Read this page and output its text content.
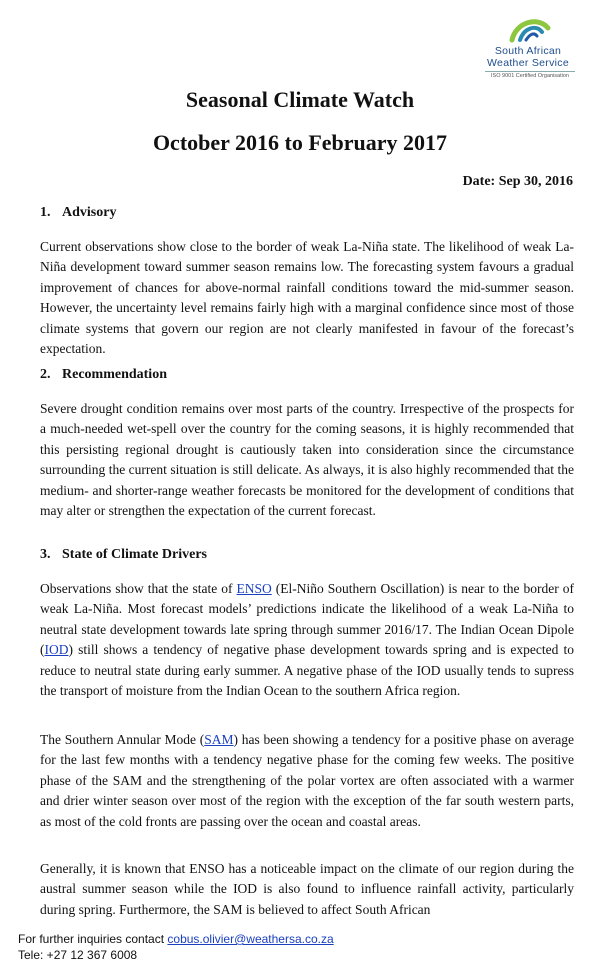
South African
Weather Service
ISO 9001 Certified Organisation
Seasonal Climate Watch
October 2016 to February 2017
Date: Sep 30, 2016
1. Advisory

Current observations show close to the border of weak La-Niña state. The likelihood of weak La-Niña development toward summer season remains low. The forecasting system favours a gradual improvement of chances for above-normal rainfall conditions toward the mid-summer season. However, the uncertainty level remains fairly high with a marginal confidence since most of those climate systems that govern our region are not clearly manifested in favour of the forecast’s expectation.

2. Recommendation

Severe drought condition remains over most parts of the country. Irrespective of the prospects for a much-needed wet-spell over the country for the coming seasons, it is highly recommended that this persisting regional drought is cautiously taken into consideration since the circumstance surrounding the current situation is still delicate. As always, it is also highly recommended that the medium- and shorter-range weather forecasts be monitored for the development of conditions that may alter or strengthen the expectation of the current forecast.

3. State of Climate Drivers

Observations show that the state of ENSO (El-Niño Southern Oscillation) is near to the border of weak La-Niña. Most forecast models’ predictions indicate the likelihood of a weak La-Niña to neutral state development towards late spring through summer 2016/17. The Indian Ocean Dipole (IOD) still shows a tendency of negative phase development towards spring and is expected to reduce to neutral state during early summer. A negative phase of the IOD usually tends to supress the transport of moisture from the Indian Ocean to the southern Africa region.

The Southern Annular Mode (SAM) has been showing a tendency for a positive phase on average for the last few months with a tendency negative phase for the coming few weeks. The positive phase of the SAM and the strengthening of the polar vortex are often associated with a warmer and drier winter season over most of the region with the exception of the far south western parts, as most of the cold fronts are passing over the ocean and coastal areas.

Generally, it is known that ENSO has a noticeable impact on the climate of our region during the austral summer season while the IOD is also found to influence rainfall activity, particularly during spring. Furthermore, the SAM is believed to affect South African

For further inquiries contact cobus.olivier@weathersa.co.za
Tele: +27 12 367 6008
